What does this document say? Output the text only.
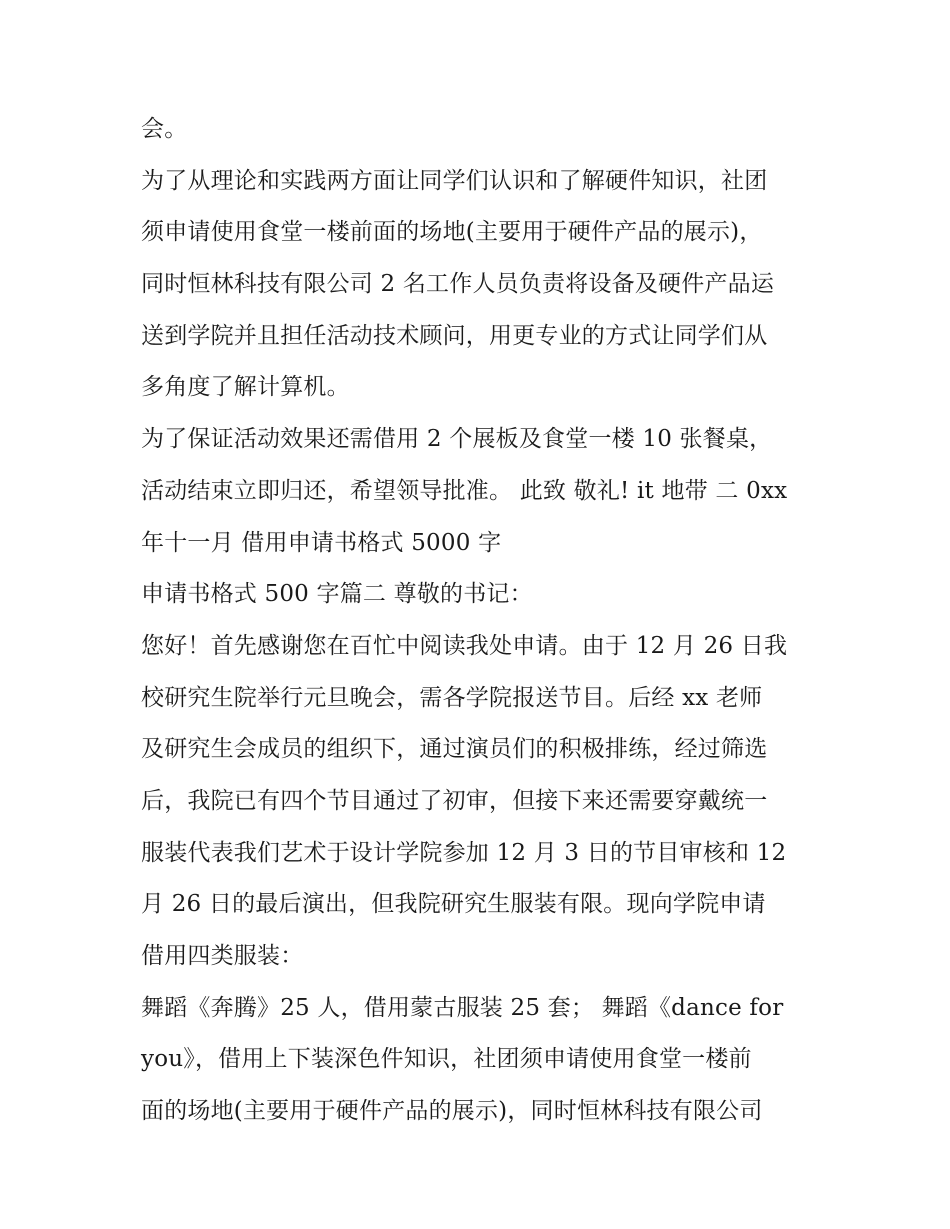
会。
为了从理论和实践两方面让同学们认识和了解硬件知识，社团
须申请使用食堂一楼前面的场地(主要用于硬件产品的展示)，
同时恒林科技有限公司 2 名工作人员负责将设备及硬件产品运
送到学院并且担任活动技术顾问，用更专业的方式让同学们从
多角度了解计算机。
为了保证活动效果还需借用 2 个展板及食堂一楼 10 张餐桌，
活动结束立即归还，希望领导批准。 此致 敬礼! it 地带 二 0xx
年十一月 借用申请书格式 5000 字
申请书格式 500 字篇二 尊敬的书记：
您好！首先感谢您在百忙中阅读我处申请。由于 12 月 26 日我
校研究生院举行元旦晚会，需各学院报送节目。后经 xx 老师
及研究生会成员的组织下，通过演员们的积极排练，经过筛选
后，我院已有四个节目通过了初审，但接下来还需要穿戴统一
服装代表我们艺术于设计学院参加 12 月 3 日的节目审核和 12
月 26 日的最后演出，但我院研究生服装有限。现向学院申请
借用四类服装：
舞蹈《奔腾》25 人，借用蒙古服装 25 套； 舞蹈《dance for
you》，借用上下装深色件知识，社团须申请使用食堂一楼前
面的场地(主要用于硬件产品的展示)，同时恒林科技有限公司
